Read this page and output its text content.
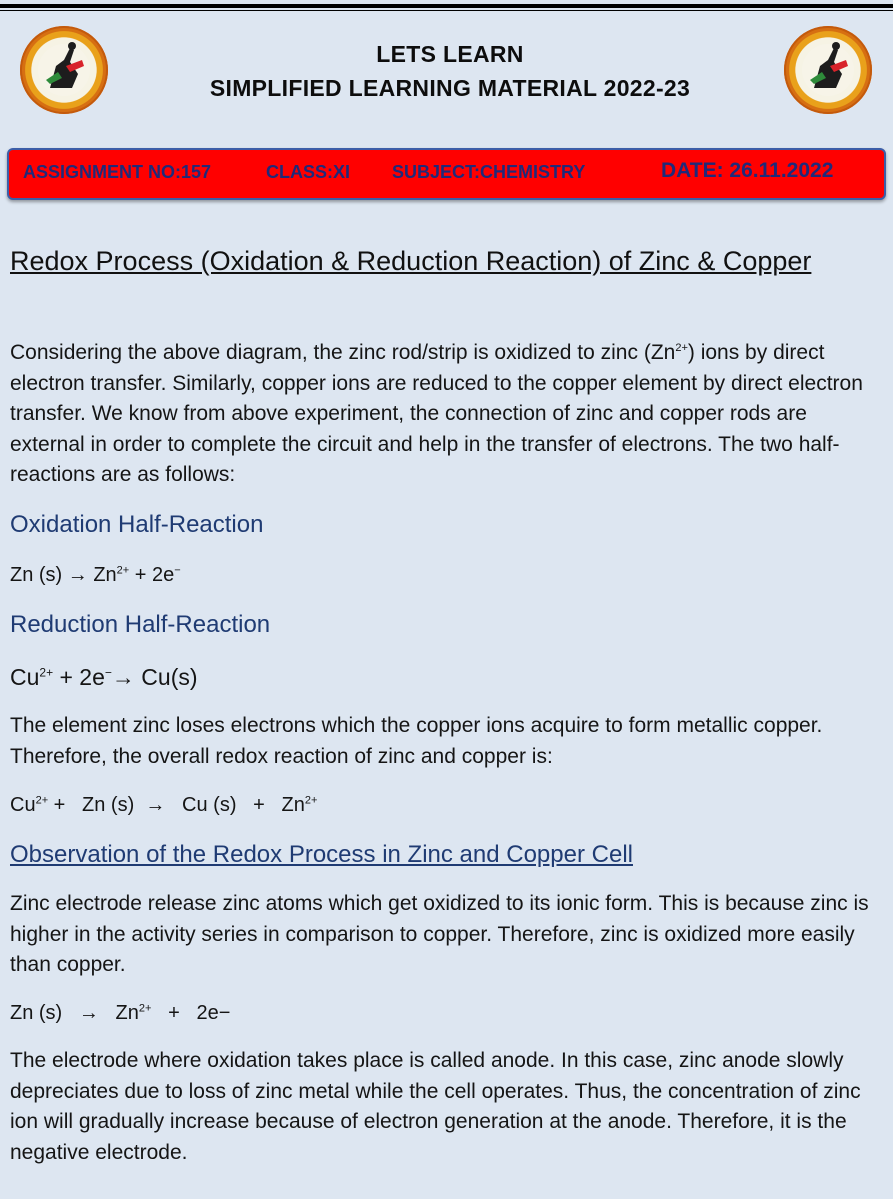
LETS LEARN
SIMPLIFIED LEARNING MATERIAL 2022-23
ASSIGNMENT NO:157	CLASS:XI SUBJECT:CHEMISTRY	DATE: 26.11.2022
Redox Process (Oxidation & Reduction Reaction) of Zinc & Copper
Considering the above diagram, the zinc rod/strip is oxidized to zinc $(Zn^{2+})$ ions by direct electron transfer. Similarly, copper ions are reduced to the copper element by direct electron transfer. We know from above experiment, the connection of zinc and copper rods are external in order to complete the circuit and help in the transfer of electrons. The two half-reactions are as follows:
Oxidation Half-Reaction
Zn $(s) \to Zn^{2+} + 2e^-$
Reduction Half-Reaction
$Cu^{2+} + 2e^-\to Cu(s)$
The element zinc loses electrons which the copper ions acquire to form metallic copper. Therefore, the overall redox reaction of zinc and copper is:
$Cu^{2+} + Zn$ (s)  →   Cu $(s) + Zn^{2+}$
Observation of the Redox Process in Zinc and Copper Cell
Zinc electrode release zinc atoms which get oxidized to its ionic form. This is because zinc is higher in the activity series in comparison to copper. Therefore, zinc is oxidized more easily than copper.
Zn $(s) \to Zn^{2+} + 2e-$
The electrode where oxidation takes place is called anode. In this case, zinc anode slowly depreciates due to loss of zinc metal while the cell operates. Thus, the concentration of zinc ion will gradually increase because of electron generation at the anode. Therefore, it is the negative electrode.
